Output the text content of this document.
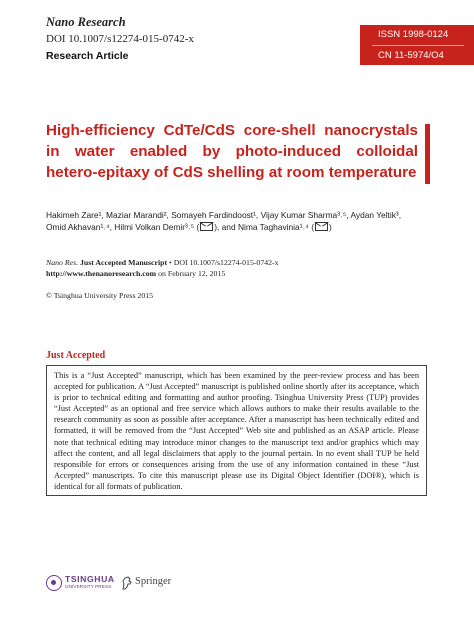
Nano Research
DOI 10.1007/s12274-015-0742-x
Research Article
ISSN 1998-0124
CN 11-5974/O4
High-efficiency CdTe/CdS core-shell nanocrystals in water enabled by photo-induced colloidal hetero-epitaxy of CdS shelling at room temperature
Hakimeh Zare¹, Maziar Marandi², Somayeh Fardindoost¹, Vijay Kumar Sharma³˒⁵, Aydan Yeltik³, Omid Akhavan¹˒⁴, Hilmi Volkan Demir³˒⁵ ( ), and Nima Taghavinia¹˒⁴ ( )
Nano Res. Just Accepted Manuscript • DOI 10.1007/s12274-015-0742-x
http://www.thenanoresearch.com on February 12, 2015
© Tsinghua University Press 2015
Just Accepted
This is a “Just Accepted” manuscript, which has been examined by the peer-review process and has been accepted for publication. A “Just Accepted” manuscript is published online shortly after its acceptance, which is prior to technical editing and formatting and author proofing. Tsinghua University Press (TUP) provides “Just Accepted” as an optional and free service which allows authors to make their results available to the research community as soon as possible after acceptance. After a manuscript has been technically edited and formatted, it will be removed from the “Just Accepted” Web site and published as an ASAP article. Please note that technical editing may introduce minor changes to the manuscript text and/or graphics which may affect the content, and all legal disclaimers that apply to the journal pertain. In no event shall TUP be held responsible for errors or consequences arising from the use of any information contained in these “Just Accepted” manuscripts. To cite this manuscript please use its Digital Object Identifier (DOI®), which is identical for all formats of publication.
TSINGHUA
UNIVERSITY PRESS
Springer
